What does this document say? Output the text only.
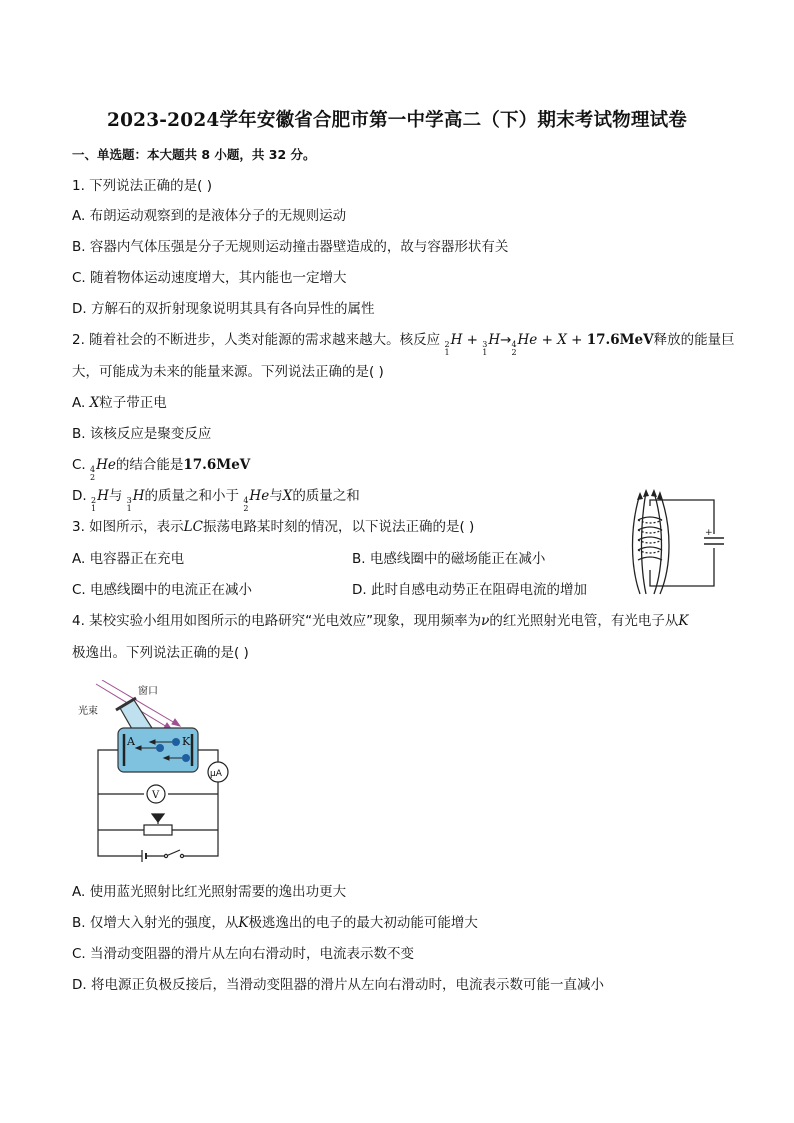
2023-2024学年安徽省合肥市第一中学高二（下）期末考试物理试卷
一、单选题：本大题共 8 小题，共 32 分。
1. 下列说法正确的是( )
A. 布朗运动观察到的是液体分子的无规则运动
B. 容器内气体压强是分子无规则运动撞击器壁造成的，故与容器形状有关
C. 随着物体运动速度增大，其内能也一定增大
D. 方解石的双折射现象说明其具有各向异性的属性
2. 随着社会的不断进步，人类对能源的需求越来越大。核反应 2
1
H + 3
1
H→ 4
2
He + X + 17.6MeV释放的能量巨
大，可能成为未来的能量来源。下列说法正确的是( )
A. X粒子带正电
B. 该核反应是聚变反应
C. 4
2
He的结合能是17.6MeV
D. 2
1
H与 3
1
H的质量之和小于 4
2
He与X的质量之和
3. 如图所示，表示LC振荡电路某时刻的情况，以下说法正确的是( )
A. 电容器正在充电	B. 电感线圈中的磁场能正在减小
C. 电感线圈中的电流正在减小	D. 此时自感电动势正在阻碍电流的增加
+
4. 某校实验小组用如图所示的电路研究“光电效应”现象，现用频率为ν的红光照射光电管，有光电子从K
极逸出。下列说法正确的是( )
A	K
窗口
光束
μA
V
A. 使用蓝光照射比红光照射需要的逸出功更大
B. 仅增大入射光的强度，从K极逃逸出的电子的最大初动能可能增大
C. 当滑动变阻器的滑片从左向右滑动时，电流表示数不变
D. 将电源正负极反接后，当滑动变阻器的滑片从左向右滑动时，电流表示数可能一直减小
